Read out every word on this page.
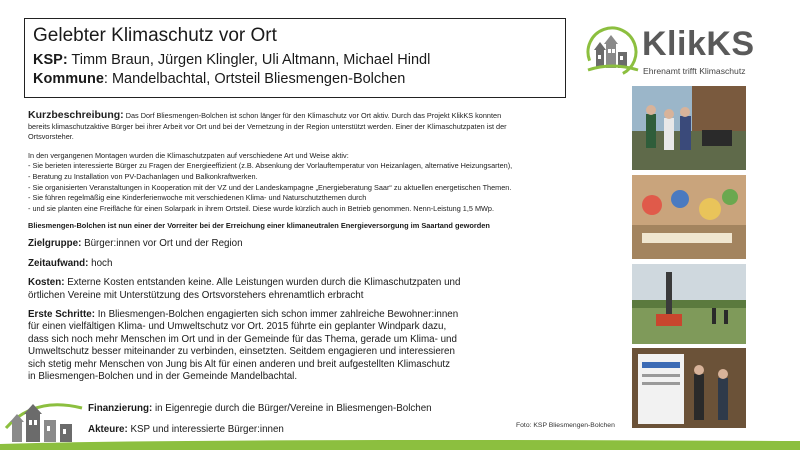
Gelebter Klimaschutz vor Ort
KSP: Timm Braun, Jürgen Klingler, Uli Altmann, Michael Hindl
Kommune: Mandelbachtal, Ortsteil Bliesmengen-Bolchen
KlikKS
Ehrenamt trifft Klimaschutz
Kurzbeschreibung: Das Dorf Bliesmengen-Bolchen ist schon länger für den Klimaschutz vor Ort aktiv. Durch das Projekt KlikKS konnten
bereits klimaschutzaktive Bürger bei ihrer Arbeit vor Ort und bei der Vernetzung in der Region unterstützt werden. Einer der Klimaschutzpaten ist der
Ortsvorsteher.
In den vergangenen Montagen wurden die Klimaschutzpaten auf verschiedene Art und Weise aktiv:
- Sie berieten interessierte Bürger zu Fragen der Energieeffizient (z.B. Absenkung der Vorlauftemperatur von Heizanlagen, alternative Heizungsarten),
- Beratung zu Installation von PV-Dachanlagen und Balkonkraftwerken.
- Sie organisierten Veranstaltungen in Kooperation mit der VZ und der Landeskampagne „Energieberatung Saar“ zu aktuellen energetischen Themen.
- Sie führen regelmäßig eine Kinderferienwoche mit verschiedenen Klima- und Naturschutzthemen durch
- und sie planten eine Freifläche für einen Solarpark in ihrem Ortsteil. Diese wurde kürzlich auch in Betrieb genommen. Nenn-Leistung 1,5 MWp.
Bliesmengen-Bolchen ist nun einer der Vorreiter bei der Erreichung einer klimaneutralen Energieversorgung im Saartand geworden
Zielgruppe: Bürger:innen vor Ort und der Region
Zeitaufwand: hoch
Kosten: Externe Kosten entstanden keine. Alle Leistungen wurden durch die Klimaschutzpaten und
örtlichen Vereine mit Unterstützung des Ortsvorstehers ehrenamtlich erbracht
Erste Schritte: In Bliesmengen-Bolchen engagierten sich schon immer zahlreiche Bewohner:innen
für einen vielfältigen Klima- und Umweltschutz vor Ort. 2015 führte ein geplanter Windpark dazu,
dass sich noch mehr Menschen im Ort und in der Gemeinde für das Thema, gerade um Klima- und
Umweltschutz besser miteinander zu verbinden, einsetzten. Seitdem engagieren und interessieren
sich stetig mehr Menschen von Jung bis Alt für einen anderen und breit aufgestellten Klimaschutz
in Bliesmengen-Bolchen und in der Gemeinde Mandelbachtal.
Finanzierung: in Eigenregie durch die Bürger/Vereine in Bliesmengen-Bolchen
Akteure: KSP und interessierte Bürger:innen	Foto: KSP Bliesmengen-Bolchen
